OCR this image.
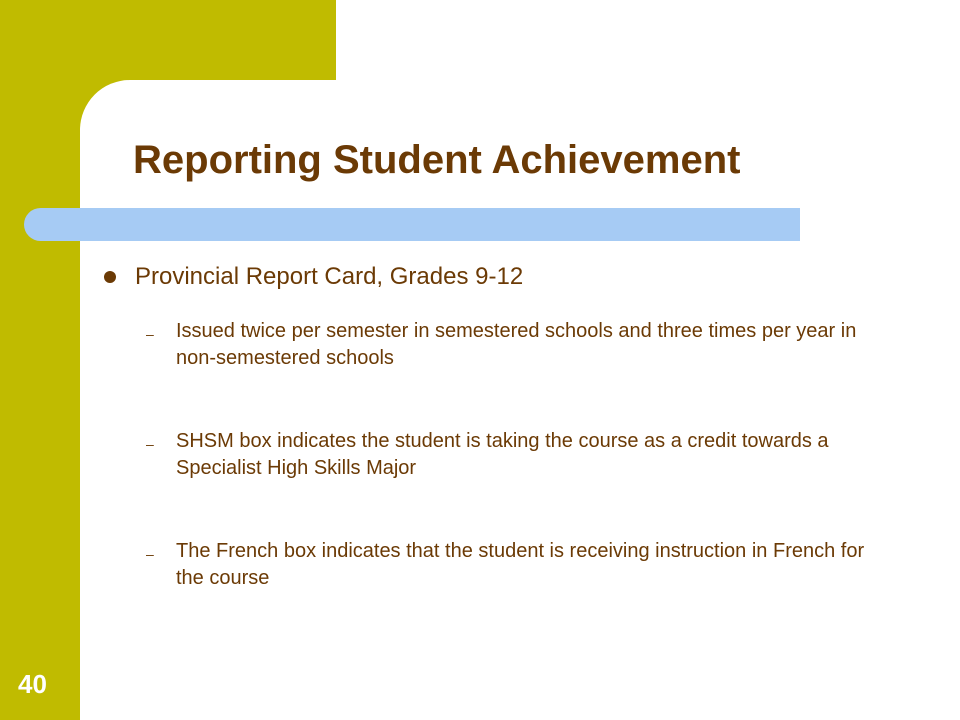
Reporting Student Achievement
Provincial Report Card, Grades 9-12
–	Issued twice per semester in semestered schools and three times per year in non-semestered schools
–	SHSM box indicates the student is taking the course as a credit towards a Specialist High Skills Major
–	The French box indicates that the student is receiving instruction in French for the course
40
